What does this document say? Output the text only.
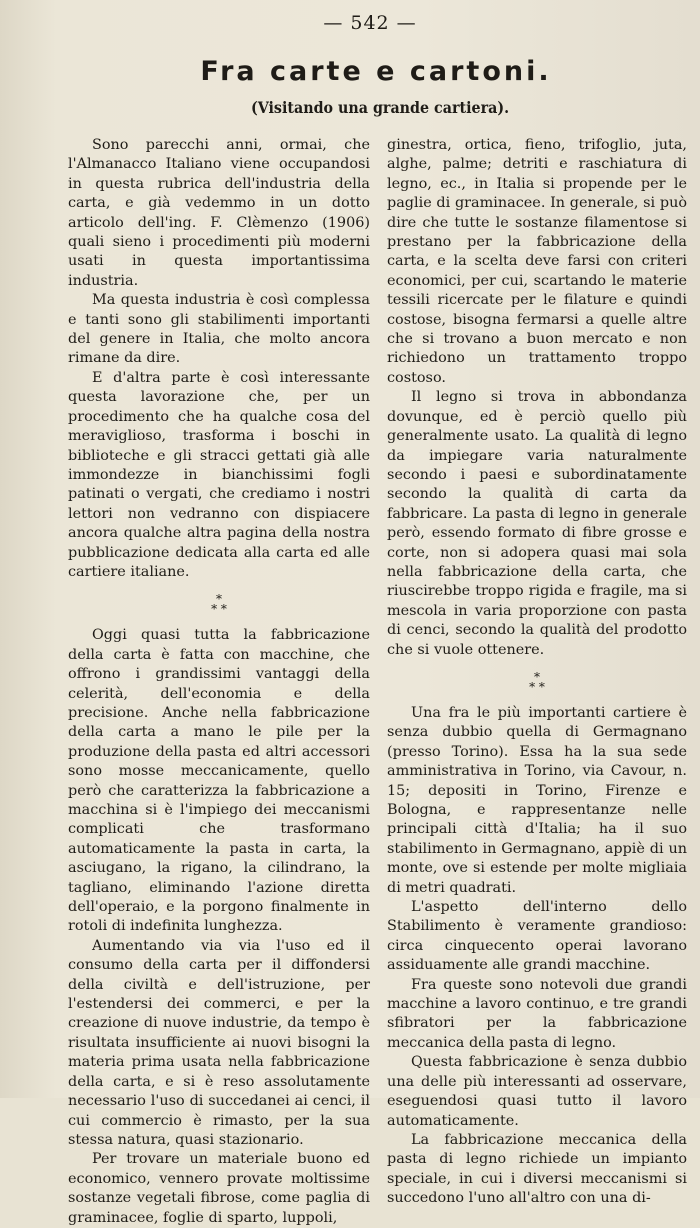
— 542 —
Fra carte e cartoni.
(Visitando una grande cartiera).

Sono parecchi anni, ormai, che l'Almanacco Italiano viene occupandosi in questa rubrica dell'industria della carta, e già vedemmo in un dotto articolo dell'ing. F. Clèmenzo (1906) quali sieno i procedimenti più moderni usati in questa importantissima industria.

Ma questa industria è così complessa e tanti sono gli stabilimenti importanti del genere in Italia, che molto ancora rimane da dire.

E d'altra parte è così interessante questa lavorazione che, per un procedimento che ha qualche cosa del meraviglioso, trasforma i boschi in biblioteche e gli stracci gettati già alle immondezze in bianchissimi fogli patinati o vergati, che crediamo i nostri lettori non vedranno con dispiacere ancora qualche altra pagina della nostra pubblicazione dedicata alla carta ed alle cartiere italiane.

*
* *

Oggi quasi tutta la fabbricazione della carta è fatta con macchine, che offrono i grandissimi vantaggi della celerità, dell'economia e della precisione. Anche nella fabbricazione della carta a mano le pile per la produzione della pasta ed altri accessori sono mosse meccanicamente, quello però che caratterizza la fabbricazione a macchina si è l'impiego dei meccanismi complicati che trasformano automaticamente la pasta in carta, la asciugano, la rigano, la cilindrano, la tagliano, eliminando l'azione diretta dell'operaio, e la porgono finalmente in rotoli di indefinita lunghezza.

Aumentando via via l'uso ed il consumo della carta per il diffondersi della civiltà e dell'istruzione, per l'estendersi dei commerci, e per la creazione di nuove industrie, da tempo è risultata insufficiente ai nuovi bisogni la materia prima usata nella fabbricazione della carta, e si è reso assolutamente necessario l'uso di succedanei ai cenci, il cui commercio è rimasto, per la sua stessa natura, quasi stazionario.

Per trovare un materiale buono ed economico, vennero provate moltissime sostanze vegetali fibrose, come paglia di graminacee, foglie di sparto, luppoli,

ginestra, ortica, fieno, trifoglio, juta, alghe, palme; detriti e raschiatura di legno, ec., in Italia si propende per le paglie di graminacee. In generale, si può dire che tutte le sostanze filamentose si prestano per la fabbricazione della carta, e la scelta deve farsi con criteri economici, per cui, scartando le materie tessili ricercate per le filature e quindi costose, bisogna fermarsi a quelle altre che si trovano a buon mercato e non richiedono un trattamento troppo costoso.

Il legno si trova in abbondanza dovunque, ed è perciò quello più generalmente usato. La qualità di legno da impiegare varia naturalmente secondo i paesi e subordinatamente secondo la qualità di carta da fabbricare. La pasta di legno in generale però, essendo formato di fibre grosse e corte, non si adopera quasi mai sola nella fabbricazione della carta, che riuscirebbe troppo rigida e fragile, ma si mescola in varia proporzione con pasta di cenci, secondo la qualità del prodotto che si vuole ottenere.

*
* *

Una fra le più importanti cartiere è senza dubbio quella di Germagnano (presso Torino). Essa ha la sua sede amministrativa in Torino, via Cavour, n. 15; depositi in Torino, Firenze e Bologna, e rappresentanze nelle principali città d'Italia; ha il suo stabilimento in Germagnano, appiè di un monte, ove si estende per molte migliaia di metri quadrati.

L'aspetto dell'interno dello Stabilimento è veramente grandioso: circa cinquecento operai lavorano assiduamente alle grandi macchine.

Fra queste sono notevoli due grandi macchine a lavoro continuo, e tre grandi sfibratori per la fabbricazione meccanica della pasta di legno.

Questa fabbricazione è senza dubbio una delle più interessanti ad osservare, eseguendosi quasi tutto il lavoro automaticamente.

La fabbricazione meccanica della pasta di legno richiede un impianto speciale, in cui i diversi meccanismi si succedono l'uno all'altro con una di-
